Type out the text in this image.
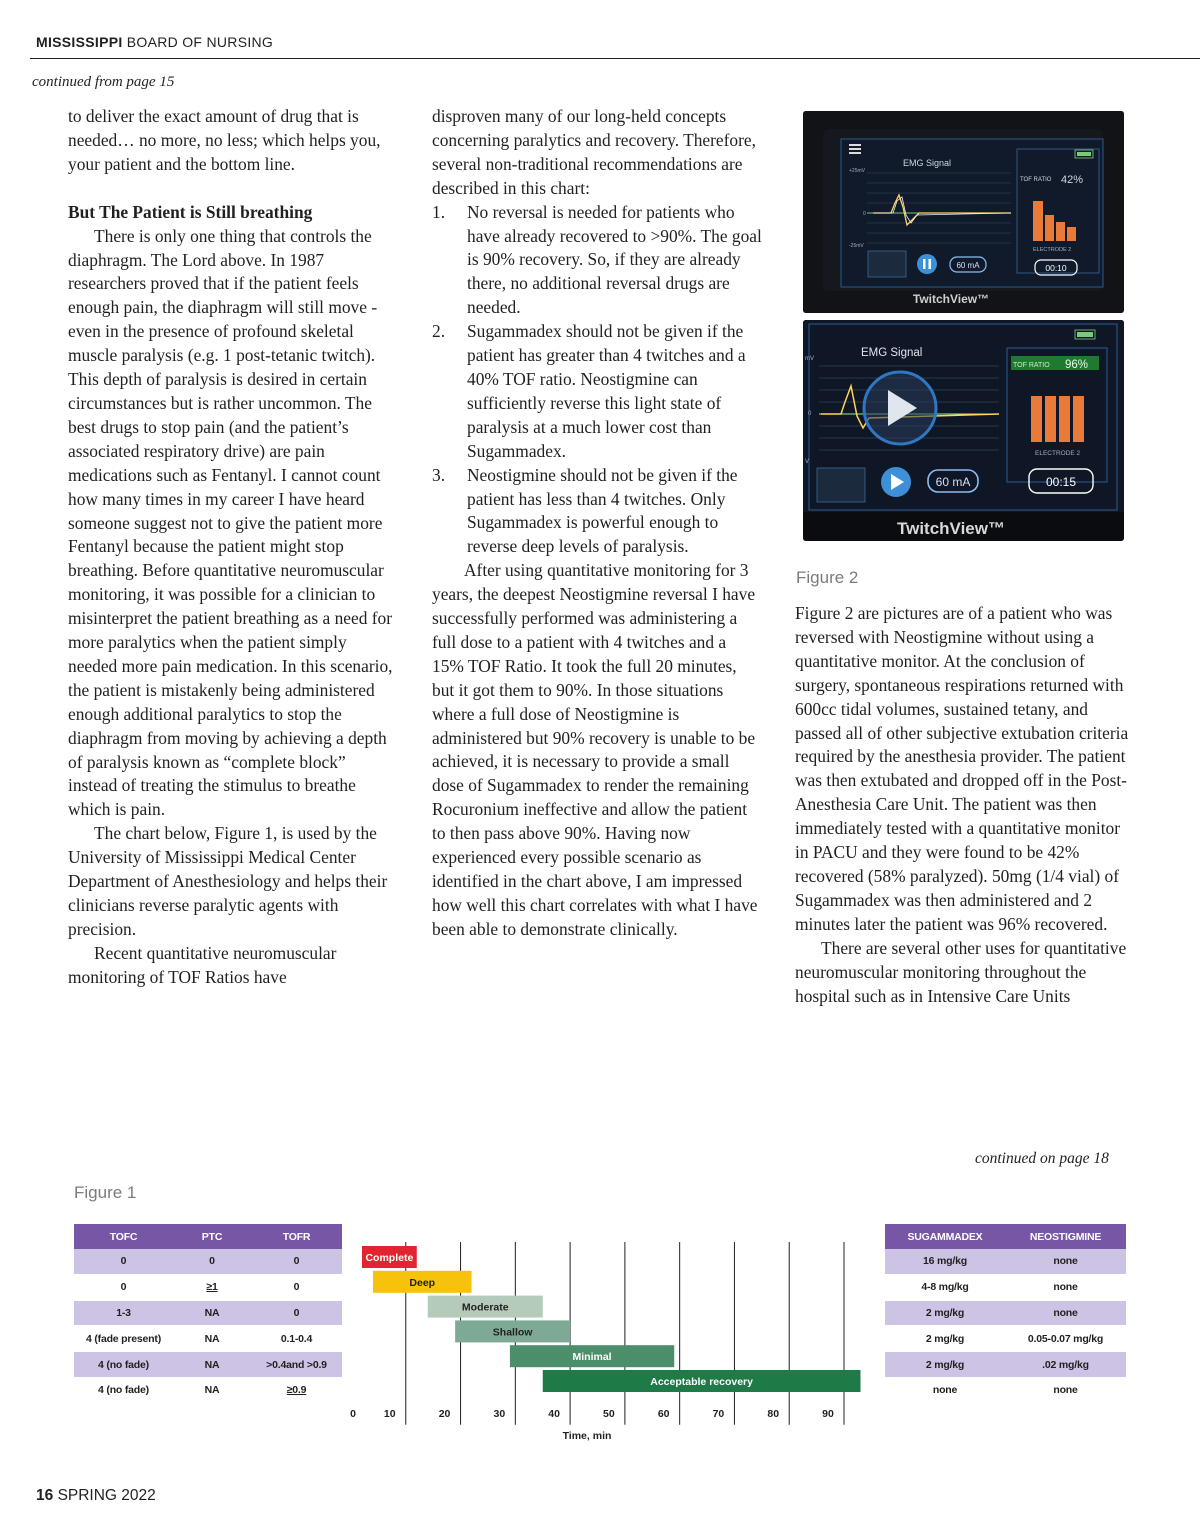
MISSISSIPPI BOARD OF NURSING
continued from page 15

to deliver the exact amount of drug that is needed… no more, no less; which helps you, your patient and the bottom line.

But The Patient is Still breathing

There is only one thing that controls the diaphragm. The Lord above. In 1987 researchers proved that if the patient feels enough pain, the diaphragm will still move - even in the presence of profound skeletal muscle paralysis (e.g. 1 post-tetanic twitch). This depth of paralysis is desired in certain circumstances but is rather uncommon. The best drugs to stop pain (and the patient’s associated respiratory drive) are pain medications such as Fentanyl. I cannot count how many times in my career I have heard someone suggest not to give the patient more Fentanyl because the patient might stop breathing. Before quantitative neuromuscular monitoring, it was possible for a clinician to misinterpret the patient breathing as a need for more paralytics when the patient simply needed more pain medication. In this scenario, the patient is mistakenly being administered enough additional paralytics to stop the diaphragm from moving by achieving a depth of paralysis known as “complete block” instead of treating the stimulus to breathe which is pain.

The chart below, Figure 1, is used by the University of Mississippi Medical Center Department of Anesthesiology and helps their clinicians reverse paralytic agents with precision.

Recent quantitative neuromuscular monitoring of TOF Ratios have

disproven many of our long-held concepts concerning paralytics and recovery. Therefore, several non-traditional recommendations are described in this chart:

1. No reversal is needed for patients who have already recovered to >90%. The goal is 90% recovery. So, if they are already there, no additional reversal drugs are needed.
2. Sugammadex should not be given if the patient has greater than 4 twitches and a 40% TOF ratio. Neostigmine can sufficiently reverse this light state of paralysis at a much lower cost than Sugammadex.
3. Neostigmine should not be given if the patient has less than 4 twitches. Only Sugammadex is powerful enough to reverse deep levels of paralysis.

After using quantitative monitoring for 3 years, the deepest Neostigmine reversal I have successfully performed was administering a full dose to a patient with 4 twitches and a 15% TOF Ratio. It took the full 20 minutes, but it got them to 90%. In those situations where a full dose of Neostigmine is administered but 90% recovery is unable to be achieved, it is necessary to provide a small dose of Sugammadex to render the remaining Rocuronium ineffective and allow the patient to then pass above 90%. Having now experienced every possible scenario as identified in the chart above, I am impressed how well this chart correlates with what I have been able to demonstrate clinically.

EMG Signal
+25mV
0
-25mV
60 mA
TOF RATIO 42%
ELECTRODE 2
00:10
TwitchView™
EMG Signal
mV
0
V
60 mA
TOF RATIO 96%
ELECTRODE 2
00:15
TwitchView™
Figure 2

Figure 2 are pictures are of a patient who was reversed with Neostigmine without using a quantitative monitor. At the conclusion of surgery, spontaneous respirations returned with 600cc tidal volumes, sustained tetany, and passed all of other subjective extubation criteria required by the anesthesia provider. The patient was then extubated and dropped off in the Post-Anesthesia Care Unit. The patient was then immediately tested with a quantitative monitor in PACU and they were found to be 42% recovered (58% paralyzed). 50mg (1/4 vial) of Sugammadex was then administered and 2 minutes later the patient was 96% recovered.

There are several other uses for quantitative neuromuscular monitoring throughout the hospital such as in Intensive Care Units

continued on page 18
Figure 1
TOFC	PTC	TOFR
0	0	0
0	≥1	0
1-3	NA	0
4 (fade present)	NA	0.1-0.4
4 (no fade)	NA	>0.4and >0.9
4 (no fade)	NA	≥0.9
Complete
Deep
Moderate
Shallow
Minimal
Acceptable recovery
0	10	20	30	40	50	60	70	80	90
Time, min
SUGAMMADEX	NEOSTIGMINE
16 mg/kg	none
4-8 mg/kg	none
2 mg/kg	none
2 mg/kg	0.05-0.07 mg/kg
2 mg/kg	.02 mg/kg
none	none
16 SPRING 2022
